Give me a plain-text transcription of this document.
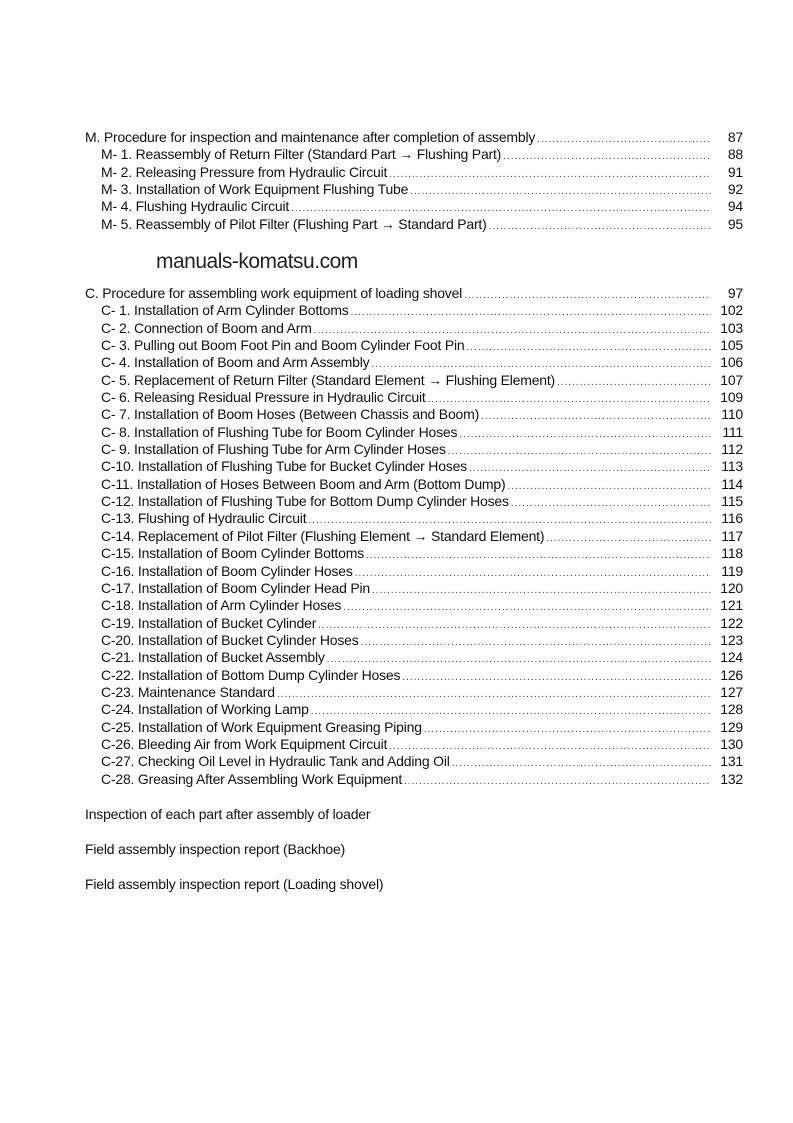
M. Procedure for inspection and maintenance after completion of assembly .....	87
M- 1. Reassembly of Return Filter (Standard Part → Flushing Part) .....	88
M- 2. Releasing Pressure from Hydraulic Circuit .....	91
M- 3. Installation of Work Equipment Flushing Tube .....	92
M- 4. Flushing Hydraulic Circuit .....	94
M- 5. Reassembly of Pilot Filter (Flushing Part → Standard Part) .....	95
manuals-komatsu.com
C. Procedure for assembling work equipment of loading shovel .....	97
C- 1. Installation of Arm Cylinder Bottoms .....	102
C- 2. Connection of Boom and Arm .....	103
C- 3. Pulling out Boom Foot Pin and Boom Cylinder Foot Pin .....	105
C- 4. Installation of Boom and Arm Assembly .....	106
C- 5. Replacement of Return Filter (Standard Element → Flushing Element) .....	107
C- 6. Releasing Residual Pressure in Hydraulic Circuit .....	109
C- 7. Installation of Boom Hoses (Between Chassis and Boom) .....	110
C- 8. Installation of Flushing Tube for Boom Cylinder Hoses .....	111
C- 9. Installation of Flushing Tube for Arm Cylinder Hoses .....	112
C-10. Installation of Flushing Tube for Bucket Cylinder Hoses .....	113
C-11. Installation of Hoses Between Boom and Arm (Bottom Dump) .....	114
C-12. Installation of Flushing Tube for Bottom Dump Cylinder Hoses .....	115
C-13. Flushing of Hydraulic Circuit .....	116
C-14. Replacement of Pilot Filter (Flushing Element → Standard Element) .....	117
C-15. Installation of Boom Cylinder Bottoms .....	118
C-16. Installation of Boom Cylinder Hoses .....	119
C-17. Installation of Boom Cylinder Head Pin .....	120
C-18. Installation of Arm Cylinder Hoses .....	121
C-19. Installation of Bucket Cylinder .....	122
C-20. Installation of Bucket Cylinder Hoses .....	123
C-21. Installation of Bucket Assembly .....	124
C-22. Installation of Bottom Dump Cylinder Hoses .....	126
C-23. Maintenance Standard .....	127
C-24. Installation of Working Lamp .....	128
C-25. Installation of Work Equipment Greasing Piping .....	129
C-26. Bleeding Air from Work Equipment Circuit .....	130
C-27. Checking Oil Level in Hydraulic Tank and Adding Oil .....	131
C-28. Greasing After Assembling Work Equipment .....	132
Inspection of each part after assembly of loader
Field assembly inspection report (Backhoe)
Field assembly inspection report (Loading shovel)
